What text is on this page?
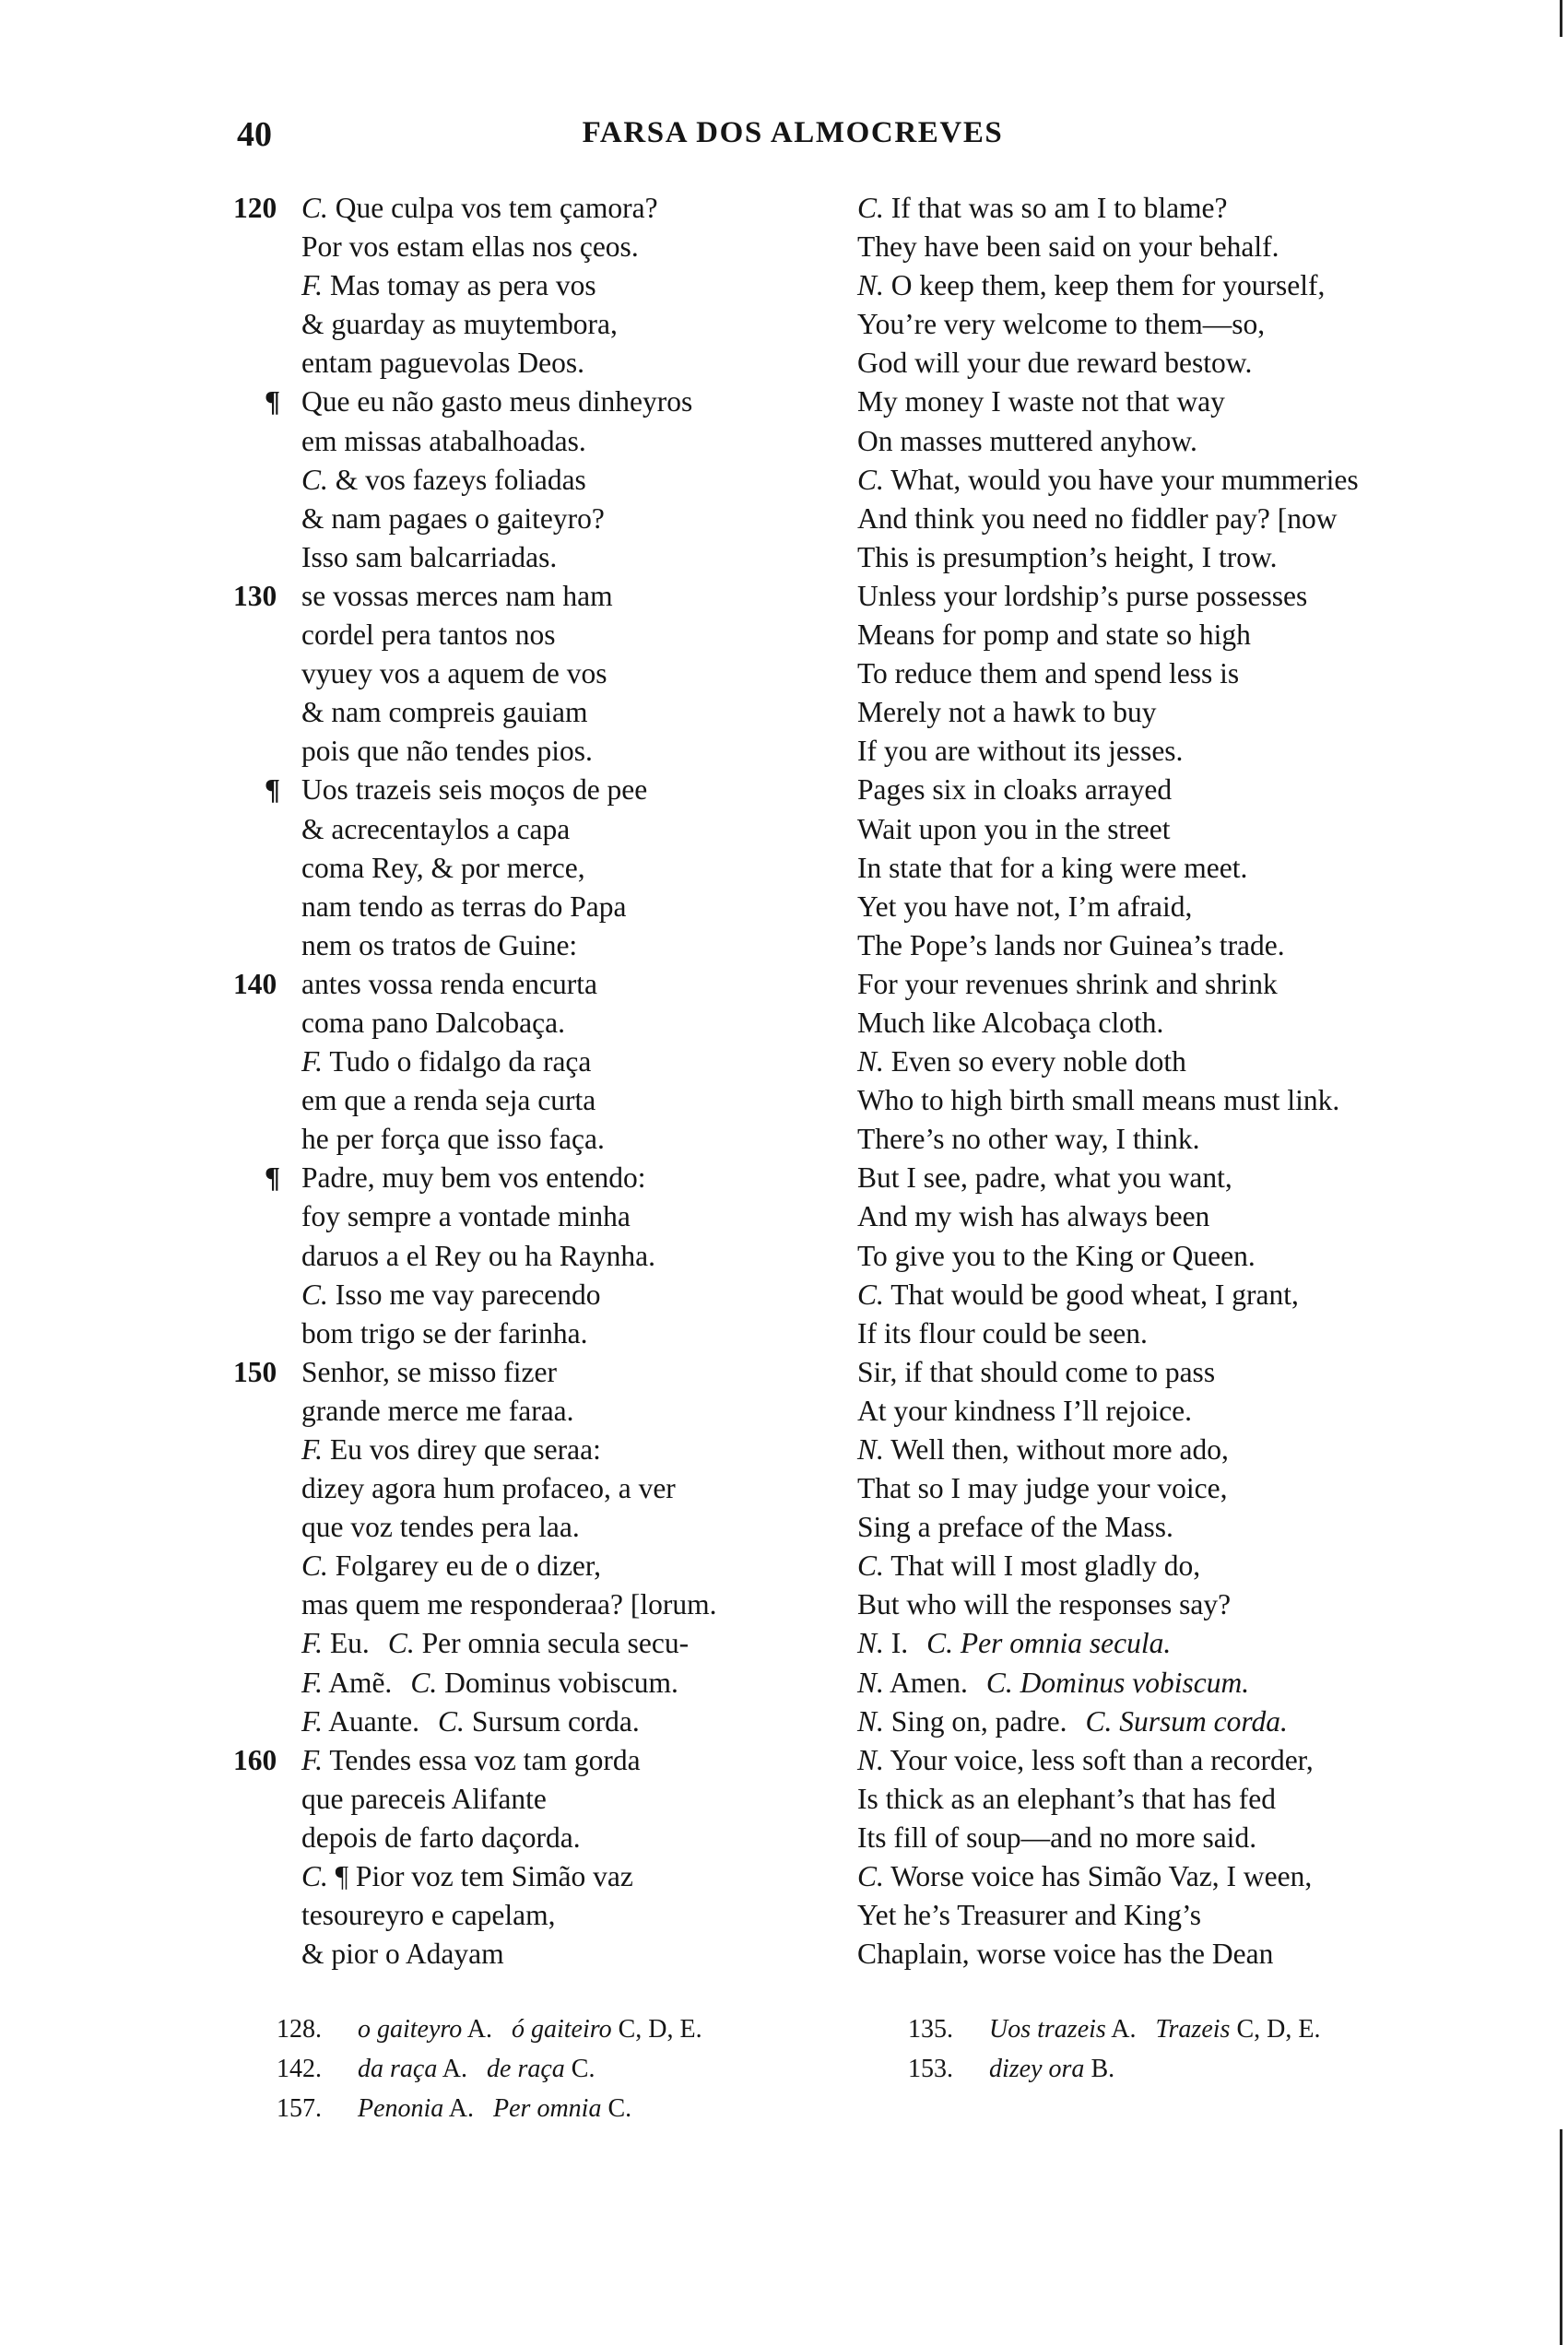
40	FARSA DOS ALMOCREVES
120 C. Que culpa vos tem çamora?
Por vos estam ellas nos çeos.
F. Mas tomay as pera vos
& guarday as muytembora,
entam paguevolas Deos.
¶ Que eu não gasto meus dinheyros
em missas atabalhoadas.
C. & vos fazeys foliadas
& nam pagaes o gaiteyro?
Isso sam balcarriadas.
130 se vossas merces nam ham
cordel pera tantos nos
vyuey vos a aquem de vos
& nam compreis gauiam
pois que não tendes pios.
¶ Uos trazeis seis moços de pee
& acrecentaylos a capa
coma Rey, & por merce,
nam tendo as terras do Papa
nem os tratos de Guine:
140 antes vossa renda encurta
coma pano Dalcobaça.
F. Tudo o fidalgo da raça
em que a renda seja curta
he per força que isso faça.
¶ Padre, muy bem vos entendo:
foy sempre a vontade minha
daruos a el Rey ou ha Raynha.
C. Isso me vay parecendo
bom trigo se der farinha.
150 Senhor, se misso fizer
grande merce me faraa.
F. Eu vos direy que seraa:
dizey agora hum profaceo, a ver
que voz tendes pera laa.
C. Folgarey eu de o dizer,
mas quem me responderaa? [lorum.
F. Eu. C. Per omnia secula secu-
F. Amẽ. C. Dominus vobiscum.
F. Auante. C. Sursum corda.
160 F. Tendes essa voz tam gorda
que pareceis Alifante
depois de farto daçorda.
C. ¶ Pior voz tem Simão vaz
tesoureyro e capelam,
& pior o Adayam
C. If that was so am I to blame?
They have been said on your behalf.
N. O keep them, keep them for yourself,
You’re very welcome to them—so,
God will your due reward bestow.
My money I waste not that way
On masses muttered anyhow.
C. What, would you have your mummeries
And think you need no fiddler pay? [now
This is presumption’s height, I trow.
Unless your lordship’s purse possesses
Means for pomp and state so high
To reduce them and spend less is
Merely not a hawk to buy
If you are without its jesses.
Pages six in cloaks arrayed
Wait upon you in the street
In state that for a king were meet.
Yet you have not, I’m afraid,
The Pope’s lands nor Guinea’s trade.
For your revenues shrink and shrink
Much like Alcobaça cloth.
N. Even so every noble doth
Who to high birth small means must link.
There’s no other way, I think.
But I see, padre, what you want,
And my wish has always been
To give you to the King or Queen.
C. That would be good wheat, I grant,
If its flour could be seen.
Sir, if that should come to pass
At your kindness I’ll rejoice.
N. Well then, without more ado,
That so I may judge your voice,
Sing a preface of the Mass.
C. That will I most gladly do,
But who will the responses say?
N. I. C. Per omnia secula.
N. Amen. C. Dominus vobiscum.
N. Sing on, padre. C. Sursum corda.
N. Your voice, less soft than a recorder,
Is thick as an elephant’s that has fed
Its fill of soup—and no more said.
C. Worse voice has Simão Vaz, I ween,
Yet he’s Treasurer and King’s
Chaplain, worse voice has the Dean
128. o gaiteyro A. ó gaiteiro C, D, E.
142. da raça A. de raça C.
157. Penonia A. Per omnia C.
135. Uos trazeis A. Trazeis C, D, E.
153. dizey ora B.
